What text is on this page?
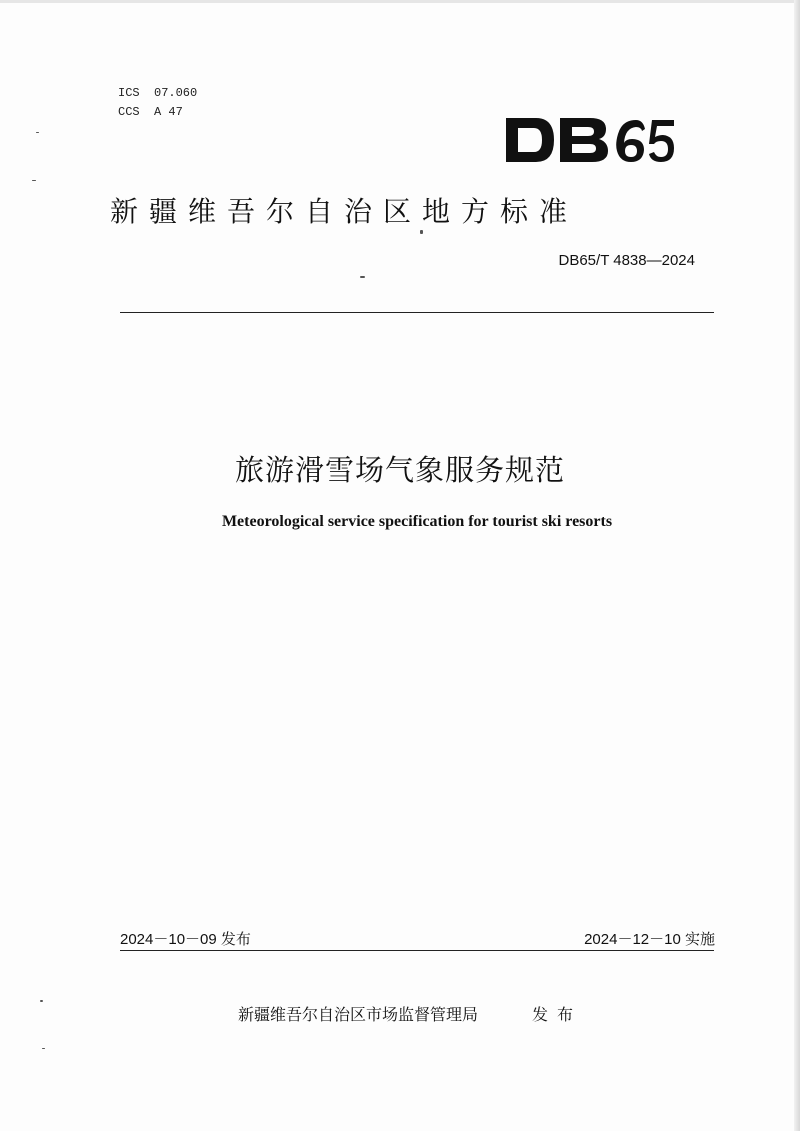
ICS  07.060
CCS  A 47
新疆维吾尔自治区地方标准
DB65/T 4838—2024
旅游滑雪场气象服务规范
Meteorological service specification for tourist ski resorts
2024－10－09 发布	2024－12－10 实施
新疆维吾尔自治区市场监督管理局	发布
